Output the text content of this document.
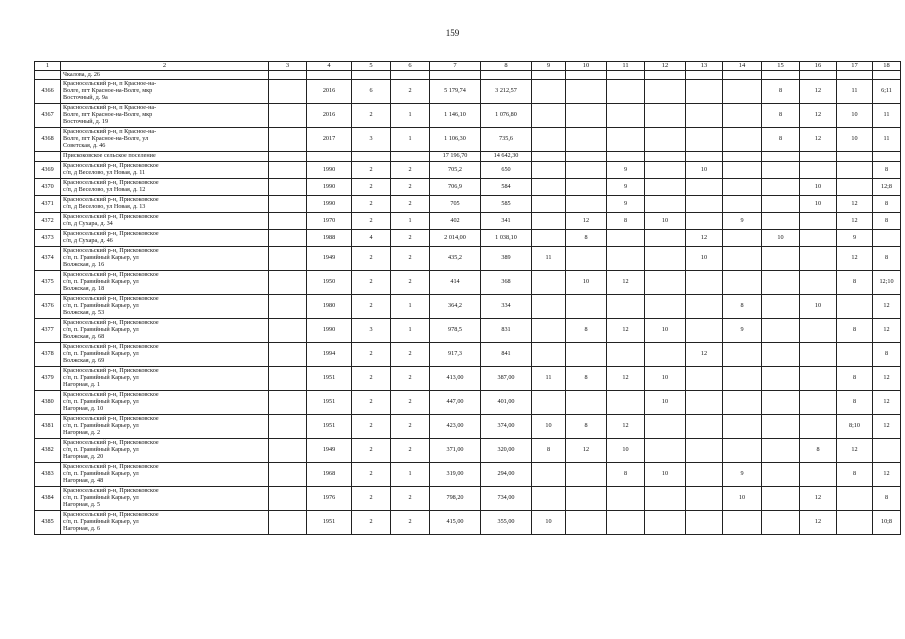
159
1	2	3	4	5	6	7	8	9	10	11	12	13	14	15	16	17	18

	Чкалова, д. 26																

4366	Красносельский р-н, п Красное-на-
Волге, пгт Красное-на-Волге, мкр
Восточный, д. 9а		2016	6	2	5 179,74	3 212,57							8	12	11	6;11
4367	Красносельский р-н, п Красное-на-
Волге, пгт Красное-на-Волге, мкр
Восточный, д. 19		2016	2	1	1 146,10	1 076,80							8	12	10	11
4368	Красносельский р-н, п Красное-на-
Волге, пгт Красное-на-Волге, ул
Советская, д. 46		2017	3	1	1 106,30	735,6							8	12	10	11

	Прискоковское сельское поселение					17 196,70	14 642,30										
4369	Красносельский р-н, Прискоковское
с/п, д Веселово, ул Новая, д. 11		1990	2	2	705,2	650			9		10					8
4370	Красносельский р-н, Прискоковское
с/п, д Веселово, ул Новая, д. 12		1990	2	2	706,9	584			9					10		12;8
4371	Красносельский р-н, Прискоковское
с/п, д Веселово, ул Новая, д. 13		1990	2	2	705	585			9					10	12	8
4372	Красносельский р-н, Прискоковское
с/п, д Сухара, д. 34		1970	2	1	402	341		12	8	10		9			12	8
4373	Красносельский р-н, Прискоковское
с/п, д Сухара, д. 46		1988	4	2	2 014,00	1 038,10		8			12		10		9	
4374	Красносельский р-н, Прискоковское
с/п, п. Гравийный Карьер, ул
Волжская, д. 16		1949	2	2	435,2	389	11				10				12	8
4375	Красносельский р-н, Прискоковское
с/п, п. Гравийный Карьер, ул
Волжская, д. 18		1950	2	2	414	368		10	12						8	12;10
4376	Красносельский р-н, Прискоковское
с/п, п. Гравийный Карьер, ул
Волжская, д. 53		1980	2	1	364,2	334						8		10		12
4377	Красносельский р-н, Прискоковское
с/п, п. Гравийный Карьер, ул
Волжская, д. 68		1990	3	1	978,5	831		8	12	10		9			8	12
4378	Красносельский р-н, Прискоковское
с/п, п. Гравийный Карьер, ул
Волжская, д. 69		1994	2	2	917,3	841					12					8
4379	Красносельский р-н, Прискоковское
с/п, п. Гравийный Карьер, ул
Нагорная, д. 1		1951	2	2	413,00	387,00	11	8	12	10					8	12
4380	Красносельский р-н, Прискоковское
с/п, п. Гравийный Карьер, ул
Нагорная, д. 10		1951	2	2	447,00	401,00				10					8	12
4381	Красносельский р-н, Прискоковское
с/п, п. Гравийный Карьер, ул
Нагорная, д. 2		1951	2	2	423,00	374,00	10	8	12						8;10	12
4382	Красносельский р-н, Прискоковское
с/п, п. Гравийный Карьер, ул
Нагорная, д. 20		1949	2	2	371,00	320,00	8	12	10					8	12	
4383	Красносельский р-н, Прискоковское
с/п, п. Гравийный Карьер, ул
Нагорная, д. 48		1968	2	1	319,00	294,00			8	10		9			8	12
4384	Красносельский р-н, Прискоковское
с/п, п. Гравийный Карьер, ул
Нагорная, д. 5		1976	2	2	798,20	734,00						10		12		8
4385	Красносельский р-н, Прискоковское
с/п, п. Гравийный Карьер, ул
Нагорная, д. 6		1951	2	2	415,00	355,00	10							12		10;8
